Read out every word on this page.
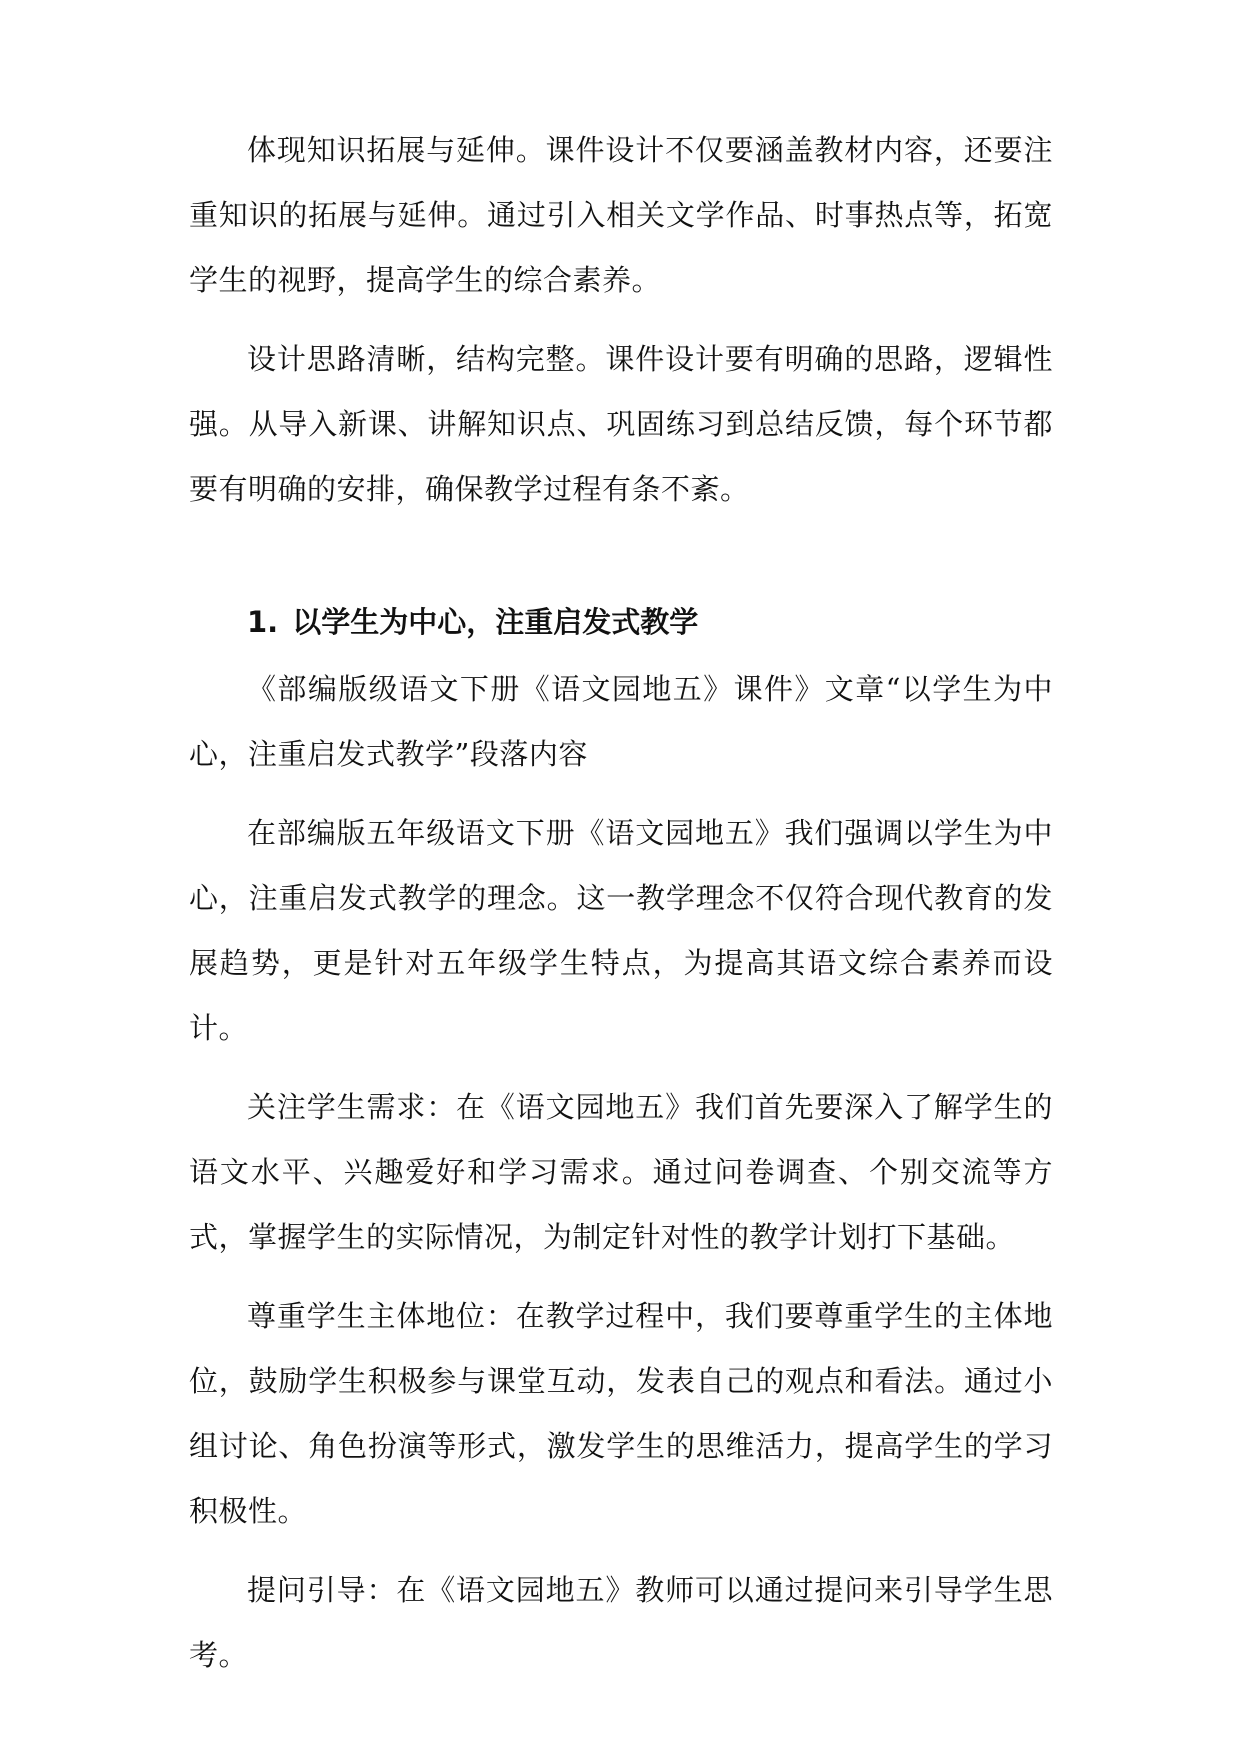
体现知识拓展与延伸。课件设计不仅要涵盖教材内容，还要注重知识的拓展与延伸。通过引入相关文学作品、时事热点等，拓宽学生的视野，提高学生的综合素养。

设计思路清晰，结构完整。课件设计要有明确的思路，逻辑性强。从导入新课、讲解知识点、巩固练习到总结反馈，每个环节都要有明确的安排，确保教学过程有条不紊。

1. 以学生为中心，注重启发式教学

《部编版级语文下册《语文园地五》课件》文章“以学生为中心，注重启发式教学”段落内容

在部编版五年级语文下册《语文园地五》我们强调以学生为中心，注重启发式教学的理念。这一教学理念不仅符合现代教育的发展趋势，更是针对五年级学生特点，为提高其语文综合素养而设计。

关注学生需求：在《语文园地五》我们首先要深入了解学生的语文水平、兴趣爱好和学习需求。通过问卷调查、个别交流等方式，掌握学生的实际情况，为制定针对性的教学计划打下基础。

尊重学生主体地位：在教学过程中，我们要尊重学生的主体地位，鼓励学生积极参与课堂互动，发表自己的观点和看法。通过小组讨论、角色扮演等形式，激发学生的思维活力，提高学生的学习积极性。

提问引导：在《语文园地五》教师可以通过提问来引导学生思考。
